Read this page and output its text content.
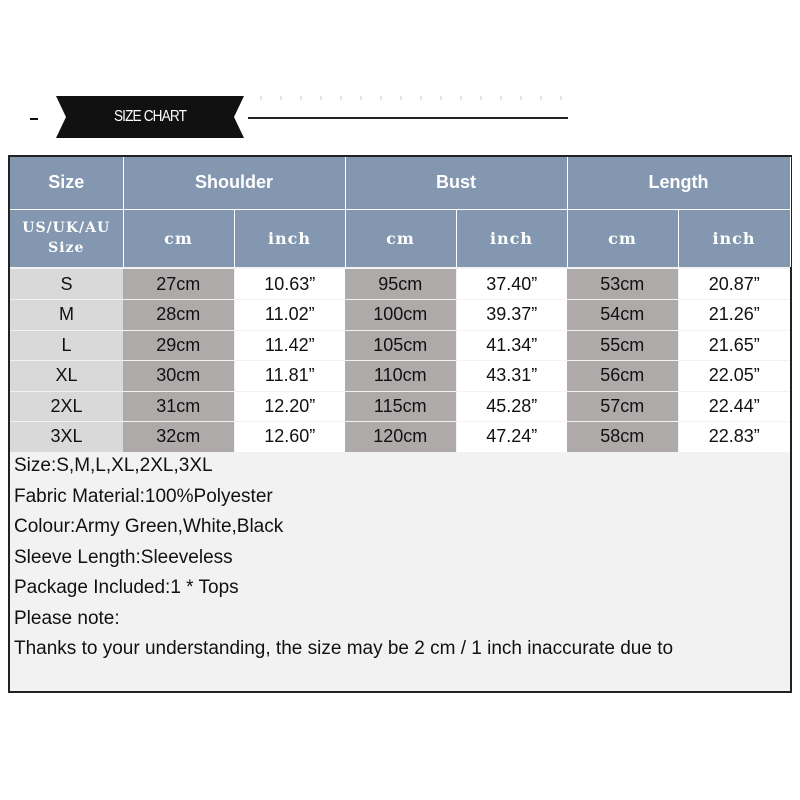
SIZE CHART
Size	Shoulder		Bust		Length	

US/UK/AU
Size	cm	inch	cm	inch	cm	inch

S	27cm	10.63”	95cm	37.40”	53cm	20.87”
M	28cm	11.02”	100cm	39.37”	54cm	21.26”
L	29cm	11.42”	105cm	41.34”	55cm	21.65”
XL	30cm	11.81”	110cm	43.31”	56cm	22.05”
2XL	31cm	12.20”	115cm	45.28”	57cm	22.44”
3XL	32cm	12.60”	120cm	47.24”	58cm	22.83”
Size:S,M,L,XL,2XL,3XL
Fabric Material:100%Polyester
Colour:Army Green,White,Black
Sleeve Length:Sleeveless
Package Included:1 * Tops
Please note:
Thanks to your understanding, the size may be 2 cm / 1 inch inaccurate due to
